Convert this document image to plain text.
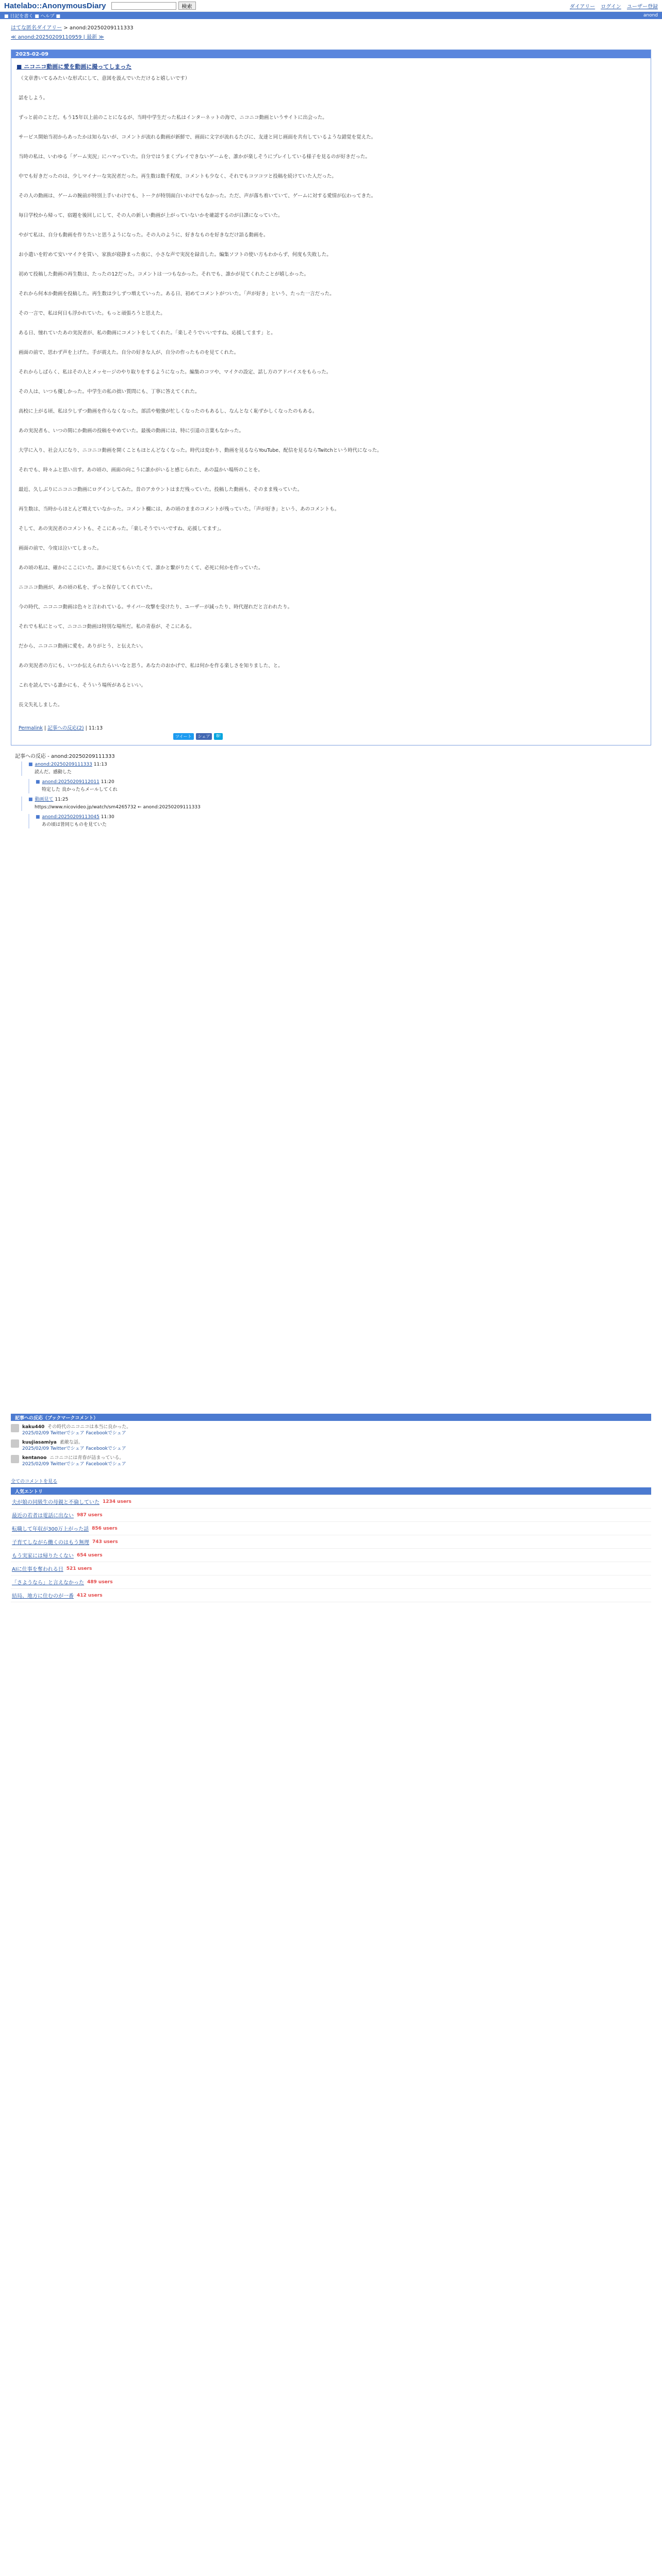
Hatelabo::AnonymousDiary	検索	ダイアリー ログイン ユーザー登録
■ 日記を書く ■ ヘルプ ■	anond
はてな匿名ダイアリー > anond:20250209111333
≪ anond:20250209110959 | 最新 ≫
2025-02-09
■ ニコニコ動画に愛を動画に撮ってしまった

（文章書いてるみたいな形式にして、意図を汲んでいただけると嬉しいです）

話をしよう。

ずっと前のことだ。もう15年以上前のことになるが、当時中学生だった私はインターネットの海で、ニコニコ動画というサイトに出会った。

サービス開始当初からあったかは知らないが、コメントが流れる動画が新鮮で、画面に文字が流れるたびに、友達と同じ画面を共有しているような錯覚を覚えた。

当時の私は、いわゆる「ゲーム実況」にハマっていた。自分ではうまくプレイできないゲームを、誰かが楽しそうにプレイしている様子を見るのが好きだった。

中でも好きだったのは、少しマイナーな実況者だった。再生数は数千程度、コメントも少なく、それでもコツコツと投稿を続けていた人だった。

その人の動画は、ゲームの腕前が特別上手いわけでも、トークが特別面白いわけでもなかった。ただ、声が落ち着いていて、ゲームに対する愛情が伝わってきた。

毎日学校から帰って、宿題を後回しにして、その人の新しい動画が上がっていないかを確認するのが日課になっていた。

やがて私は、自分も動画を作りたいと思うようになった。その人のように、好きなものを好きなだけ語る動画を。

お小遣いを貯めて安いマイクを買い、家族が寝静まった夜に、小さな声で実況を録音した。編集ソフトの使い方もわからず、何度も失敗した。

初めて投稿した動画の再生数は、たったの12だった。コメントは一つもなかった。それでも、誰かが見てくれたことが嬉しかった。

それから何本か動画を投稿した。再生数は少しずつ増えていった。ある日、初めてコメントがついた。「声が好き」という、たった一言だった。

その一言で、私は何日も浮かれていた。もっと頑張ろうと思えた。

ある日、憧れていたあの実況者が、私の動画にコメントをしてくれた。「楽しそうでいいですね、応援してます」と。

画面の前で、思わず声を上げた。手が震えた。自分の好きな人が、自分の作ったものを見てくれた。

それからしばらく、私はその人とメッセージのやり取りをするようになった。編集のコツや、マイクの設定、話し方のアドバイスをもらった。

その人は、いつも優しかった。中学生の私の拙い質問にも、丁寧に答えてくれた。

高校に上がる頃、私は少しずつ動画を作らなくなった。部活や勉強が忙しくなったのもあるし、なんとなく恥ずかしくなったのもある。

あの実況者も、いつの間にか動画の投稿をやめていた。最後の動画には、特に引退の言葉もなかった。

大学に入り、社会人になり、ニコニコ動画を開くこともほとんどなくなった。時代は変わり、動画を見るならYouTube、配信を見るならTwitchという時代になった。

それでも、時々ふと思い出す。あの頃の、画面の向こうに誰かがいると感じられた、あの温かい場所のことを。

最近、久しぶりにニコニコ動画にログインしてみた。昔のアカウントはまだ残っていた。投稿した動画も、そのまま残っていた。

再生数は、当時からほとんど増えていなかった。コメント欄には、あの頃のままのコメントが残っていた。「声が好き」という、あのコメントも。

そして、あの実況者のコメントも、そこにあった。「楽しそうでいいですね、応援してます」。

画面の前で、今度は泣いてしまった。

あの頃の私は、確かにここにいた。誰かに見てもらいたくて、誰かと繋がりたくて、必死に何かを作っていた。

ニコニコ動画が、あの頃の私を、ずっと保存してくれていた。

今の時代、ニコニコ動画は色々と言われている。サイバー攻撃を受けたり、ユーザーが減ったり、時代遅れだと言われたり。

それでも私にとって、ニコニコ動画は特別な場所だ。私の青春が、そこにある。

だから、ニコニコ動画に愛を。ありがとう、と伝えたい。

あの実況者の方にも、いつか伝えられたらいいなと思う。あなたのおかげで、私は何かを作る楽しさを知りました、と。

これを読んでいる誰かにも、そういう場所があるといい。

長文失礼しました。

Permalink | 記事への反応(2) | 11:13
ツイート	シェア	B!
記事への反応 - anond:20250209111333
■ anond:20250209111333 11:13
読んだ。感動した
■ anond:20250209112011 11:20
特定した 良かったらメールしてくれ
■ 動画見て 11:25
https://www.nicovideo.jp/watch/sm4265732 ← anond:20250209111333
■ anond:20250209113045 11:30
あの頃は皆同じものを見ていた
記事への反応（ブックマークコメント）
kaku440 その時代のニコニコは本当に良かった。
2025/02/09 Twitterでシェア Facebookでシェア
kuujiasamiya 素敵な話。
2025/02/09 Twitterでシェア Facebookでシェア
kentanoo ニコニコには青春が詰まっている。
2025/02/09 Twitterでシェア Facebookでシェア
全てのコメントを見る
人気エントリ
夫が娘の同級生の母親と不倫していた 1234 users
最近の若者は電話に出ない 987 users
転職して年収が300万上がった話 856 users
子育てしながら働くのはもう無理 743 users
もう実家には帰りたくない 654 users
AIに仕事を奪われる日 521 users
「さようなら」と言えなかった 489 users
結局、地方に住むのが一番 412 users
